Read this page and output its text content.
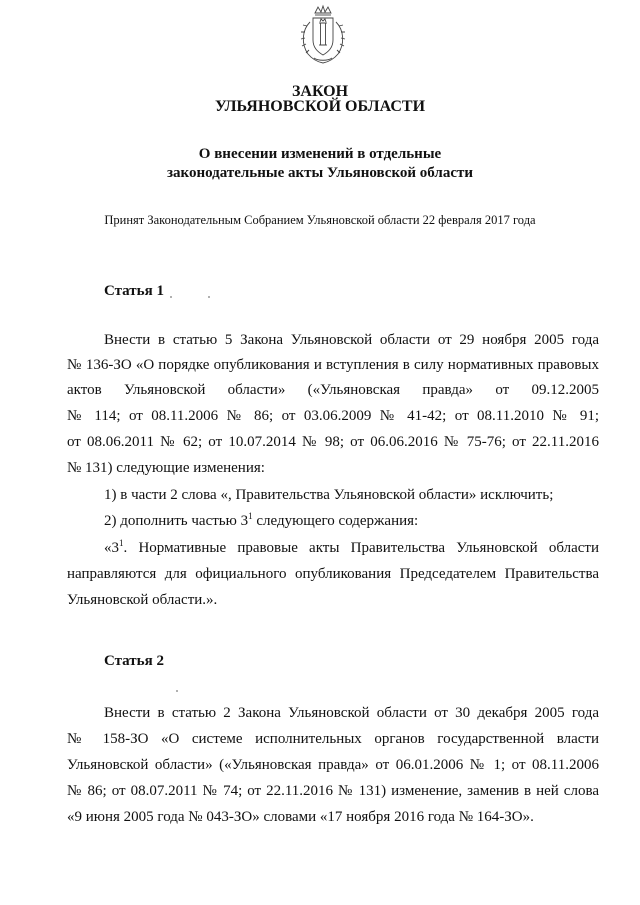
ЗАКОН
УЛЬЯНОВСКОЙ ОБЛАСТИ
О внесении изменений в отдельные
законодательные акты Ульяновской области
Принят Законодательным Собранием Ульяновской области 22 февраля 2017 года
Статья 1
Внести в статью 5 Закона Ульяновской области от 29 ноября 2005 года
№ 136-ЗО «О порядке опубликования и вступления в силу нормативных правовых
актов Ульяновской области» («Ульяновская правда» от 09.12.2005
№ 114; от 08.11.2006 № 86; от 03.06.2009 № 41-42; от 08.11.2010 № 91;
от 08.06.2011 № 62; от 10.07.2014 № 98; от 06.06.2016 № 75-76; от 22.11.2016
№ 131) следующие изменения:
1) в части 2 слова «, Правительства Ульяновской области» исключить;
2) дополнить частью $3^1$ следующего содержания:
«$3^1$. Нормативные правовые акты Правительства Ульяновской области
направляются для официального опубликования Председателем Правительства
Ульяновской области.».
Статья 2
Внести в статью 2 Закона Ульяновской области от 30 декабря 2005 года
№ 158-ЗО «О системе исполнительных органов государственной власти
Ульяновской области» («Ульяновская правда» от 06.01.2006 № 1; от 08.11.2006
№ 86; от 08.07.2011 № 74; от 22.11.2016 № 131) изменение, заменив в ней слова
«9 июня 2005 года № 043-ЗО» словами «17 ноября 2016 года № 164-ЗО».
